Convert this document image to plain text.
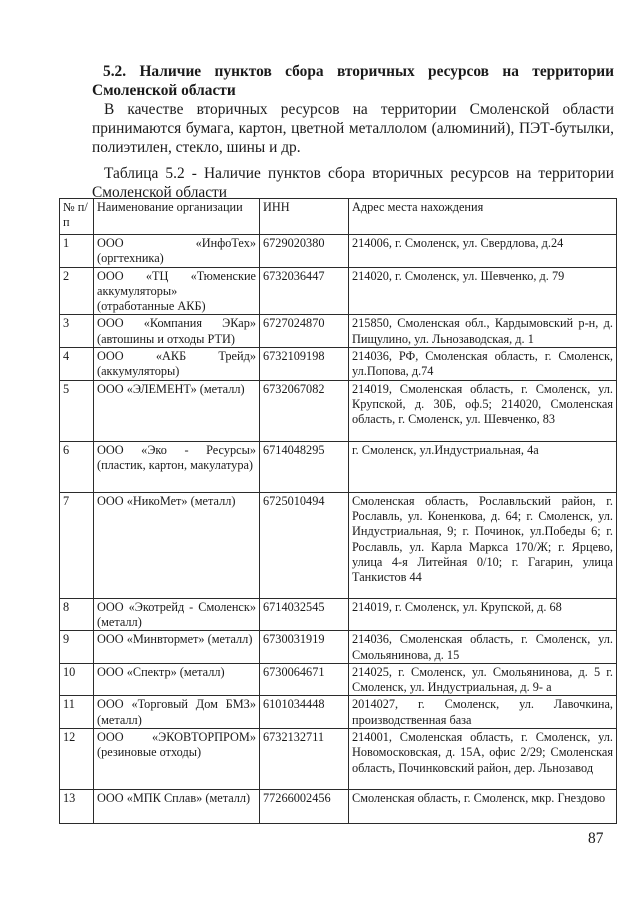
5.2. Наличие пунктов сбора вторичных ресурсов на территории Смоленской области
В качестве вторичных ресурсов на территории Смоленской области принимаются бумага, картон, цветной металлолом (алюминий), ПЭТ-бутылки, полиэтилен, стекло, шины и др.
Таблица 5.2 - Наличие пунктов сбора вторичных ресурсов на территории Смоленской области
№ п/п	Наименование организации	ИНН	Адрес места нахождения
1	ООО «ИнфоТех» (оргтехника)	6729020380	214006, г. Смоленск, ул. Свердлова, д.24
2	ООО «ТЦ «Тюменские аккумуляторы» (отработанные АКБ)	6732036447	214020, г. Смоленск, ул. Шевченко, д. 79
3	ООО «Компания ЭКар» (автошины и отходы РТИ)	6727024870	215850, Смоленская обл., Кардымовский р-н, д. Пищулино, ул. Льнозаводская, д. 1
4	ООО «АКБ Трейд» (аккумуляторы)	6732109198	214036, РФ, Смоленская область, г. Смоленск, ул.Попова, д.74
5	ООО «ЭЛЕМЕНТ» (металл)	6732067082	214019, Смоленская область, г. Смоленск, ул. Крупской, д. 30Б, оф.5; 214020, Смоленская область, г. Смоленск, ул. Шевченко, 83
6	ООО «Эко - Ресурсы» (пластик, картон, макулатура)	6714048295	г. Смоленск, ул.Индустриальная, 4а
7	ООО «НикоМет» (металл)	6725010494	Смоленская область, Рославльский район, г. Рославль, ул. Коненкова, д. 64; г. Смоленск, ул. Индустриальная, 9; г. Починок, ул.Победы 6; г. Рославль, ул. Карла Маркса 170/Ж; г. Ярцево, улица 4-я Литейная 0/10; г. Гагарин, улица Танкистов 44
8	ООО «Экотрейд - Смоленск» (металл)	6714032545	214019, г. Смоленск, ул. Крупской, д. 68
9	ООО «Минвтормет» (металл)	6730031919	214036, Смоленская область, г. Смоленск, ул. Смольянинова, д. 15
10	ООО «Спектр» (металл)	6730064671	214025, г. Смоленск, ул. Смольянинова, д. 5 г. Смоленск, ул. Индустриальная, д. 9- а
11	ООО «Торговый Дом БМЗ» (металл)	6101034448	2014027, г. Смоленск, ул. Лавочкина, производственная база
12	ООО «ЭКОВТОРПРОМ» (резиновые отходы)	6732132711	214001, Смоленская область, г. Смоленск, ул. Новомосковская, д. 15А, офис 2/29; Смоленская область, Починковский район, дер. Льнозавод
13	ООО «МПК Сплав» (металл)	77266002456	Смоленская область, г. Смоленск, мкр. Гнездово
87
